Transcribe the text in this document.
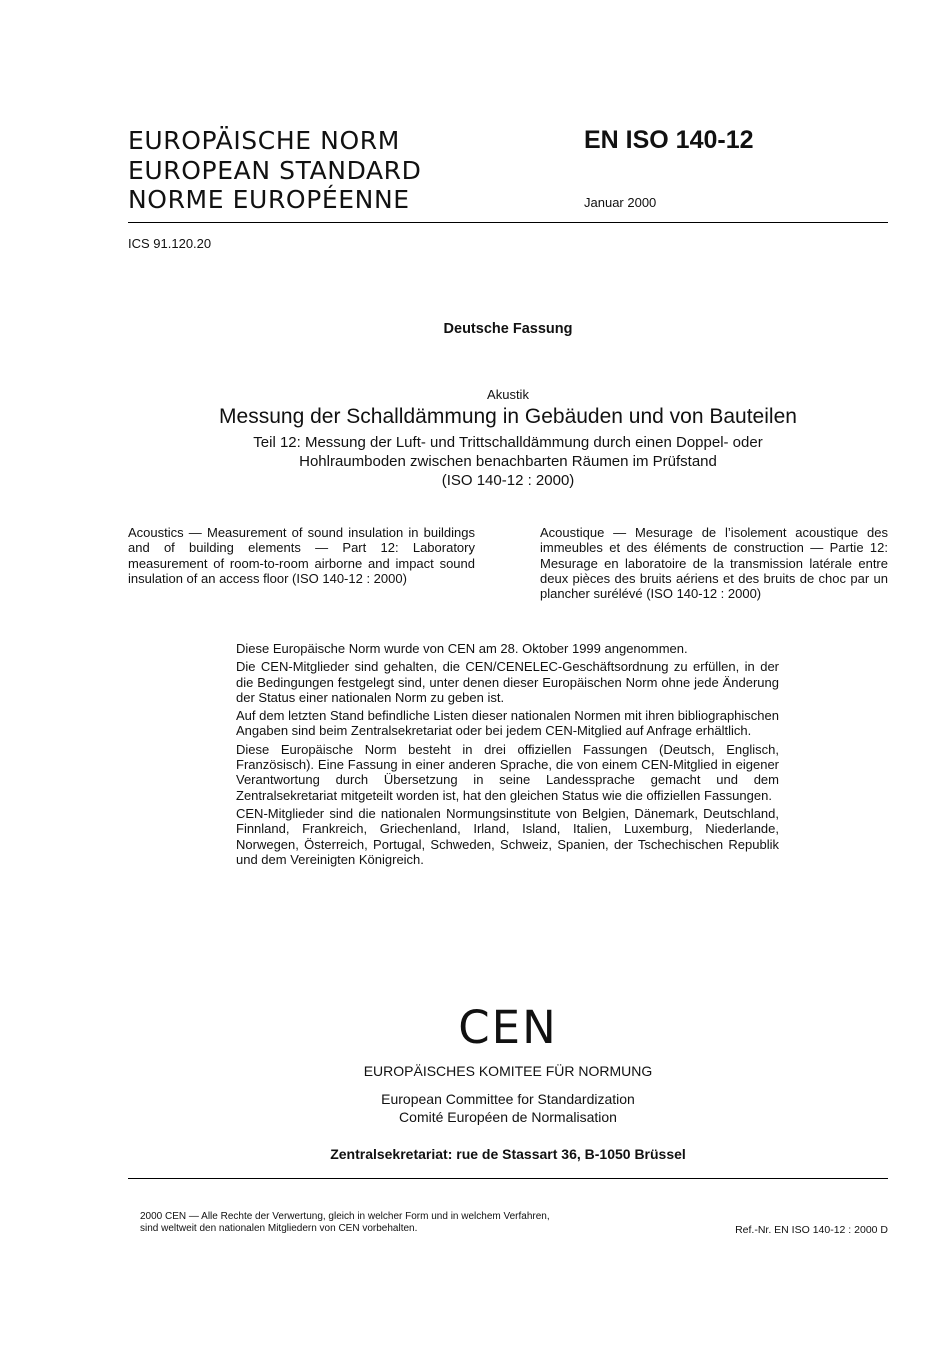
EUROPÄISCHE NORM
EUROPEAN STANDARD
NORME EUROPÉENNE
EN ISO 140-12
Januar 2000
ICS 91.120.20
Deutsche Fassung
Akustik
Messung der Schalldämmung in Gebäuden und von Bauteilen
Teil 12: Messung der Luft- und Trittschalldämmung durch einen Doppel- oder
Hohlraumboden zwischen benachbarten Räumen im Prüfstand
(ISO 140-12 : 2000)
Acoustics — Measurement of sound insulation in buildings and of building elements — Part 12: Laboratory measurement of room-to-room airborne and impact sound insulation of an access floor (ISO 140-12 : 2000)
Acoustique — Mesurage de l’isolement acoustique des immeubles et des éléments de construction — Partie 12: Mesurage en laboratoire de la transmission latérale entre deux pièces des bruits aériens et des bruits de choc par un plancher surélévé (ISO 140-12 : 2000)

Diese Europäische Norm wurde von CEN am 28. Oktober 1999 angenommen.

Die CEN-Mitglieder sind gehalten, die CEN/CENELEC-Geschäftsordnung zu erfüllen, in der die Bedingungen festgelegt sind, unter denen dieser Europäischen Norm ohne jede Änderung der Status einer nationalen Norm zu geben ist.

Auf dem letzten Stand befindliche Listen dieser nationalen Normen mit ihren bibliographischen Angaben sind beim Zentralsekretariat oder bei jedem CEN-Mitglied auf Anfrage erhältlich.

Diese Europäische Norm besteht in drei offiziellen Fassungen (Deutsch, Englisch, Französisch). Eine Fassung in einer anderen Sprache, die von einem CEN-Mitglied in eigener Verantwortung durch Übersetzung in seine Landessprache gemacht und dem Zentralsekretariat mitgeteilt worden ist, hat den gleichen Status wie die offiziellen Fassungen.

CEN-Mitglieder sind die nationalen Normungsinstitute von Belgien, Dänemark, Deutschland, Finnland, Frankreich, Griechenland, Irland, Island, Italien, Luxemburg, Niederlande, Norwegen, Österreich, Portugal, Schweden, Schweiz, Spanien, der Tschechischen Republik und dem Vereinigten Königreich.

CEN
EUROPÄISCHES KOMITEE FÜR NORMUNG
European Committee for Standardization
Comité Européen de Normalisation
Zentralsekretariat: rue de Stassart 36, B-1050 Brüssel
2000 CEN — Alle Rechte der Verwertung, gleich in welcher Form und in welchem Verfahren,
sind weltweit den nationalen Mitgliedern von CEN vorbehalten.	Ref.-Nr. EN ISO 140-12 : 2000 D
